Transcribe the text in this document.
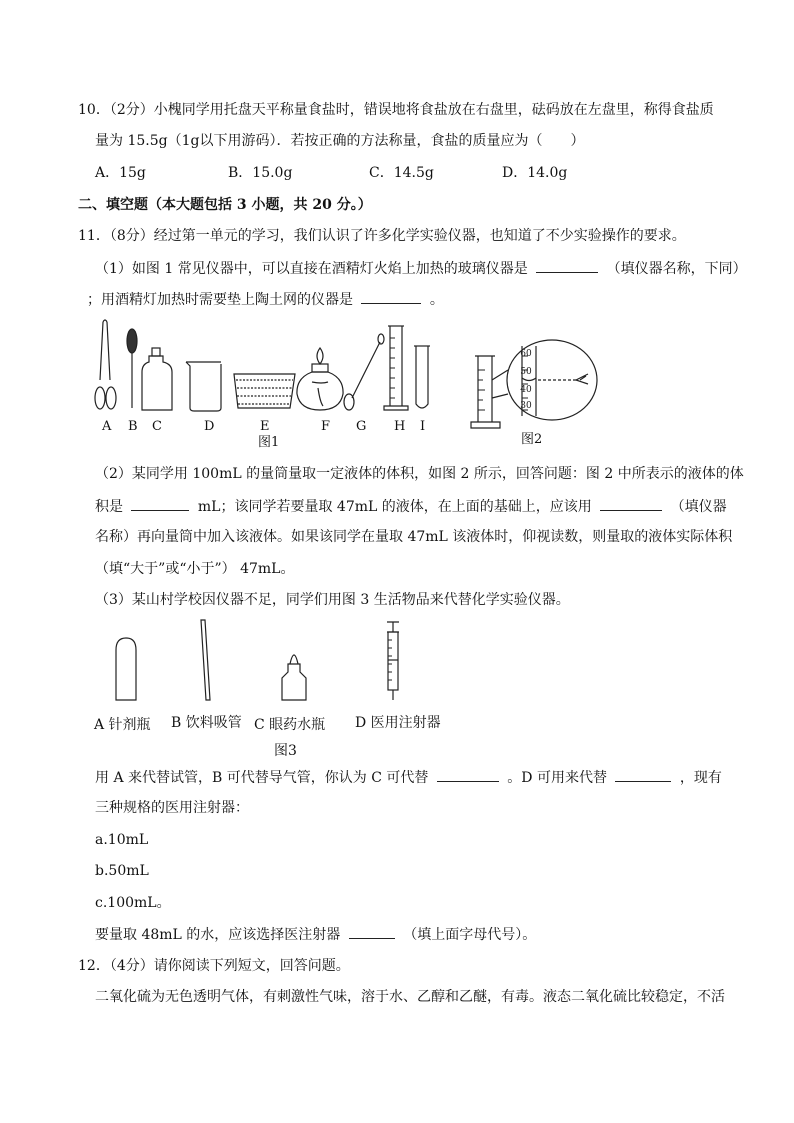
10．（2分）小槐同学用托盘天平称量食盐时，错误地将食盐放在右盘里，砝码放在左盘里，称得食盐质
量为 15.5g（1g以下用游码）．若按正确的方法称量，食盐的质量应为（　　）
A．15g	B．15.0g	C．14.5g	D．14.0g
二、填空题（本大题包括 3 小题，共 20 分。）
11．（8分）经过第一单元的学习，我们认识了许多化学实验仪器，也知道了不少实验操作的要求。
（1）如图 1 常见仪器中，可以直接在酒精灯火焰上加热的玻璃仪器是	（填仪器名称，下同）
；用酒精灯加热时需要垫上陶土网的仪器是	。
A B C	D	E	F G H I
图1
60
50
40
30
图2
（2）某同学用 100mL 的量筒量取一定液体的体积，如图 2 所示，回答问题：图 2 中所表示的液体的体
积是	mL；该同学若要量取 47mL 的液体，在上面的基础上，应该用	（填仪器
名称）再向量筒中加入该液体。如果该同学在量取 47mL 该液体时，仰视读数，则量取的液体实际体积
（填“大于”或“小于”） 47mL。
（3）某山村学校因仪器不足，同学们用图 3 生活物品来代替化学实验仪器。
A 针剂瓶 B 饮料吸管 C 眼药水瓶 D 医用注射器
图3
用 A 来代替试管，B 可代替导气管，你认为 C 可代替	。D 可用来代替	，现有
三种规格的医用注射器：
a.10mL
b.50mL
c.100mL。
要量取 48mL 的水，应该选择医注射器	（填上面字母代号）。
12．（4分）请你阅读下列短文，回答问题。
二氧化硫为无色透明气体，有刺激性气味，溶于水、乙醇和乙醚，有毒。液态二氧化硫比较稳定，不活
